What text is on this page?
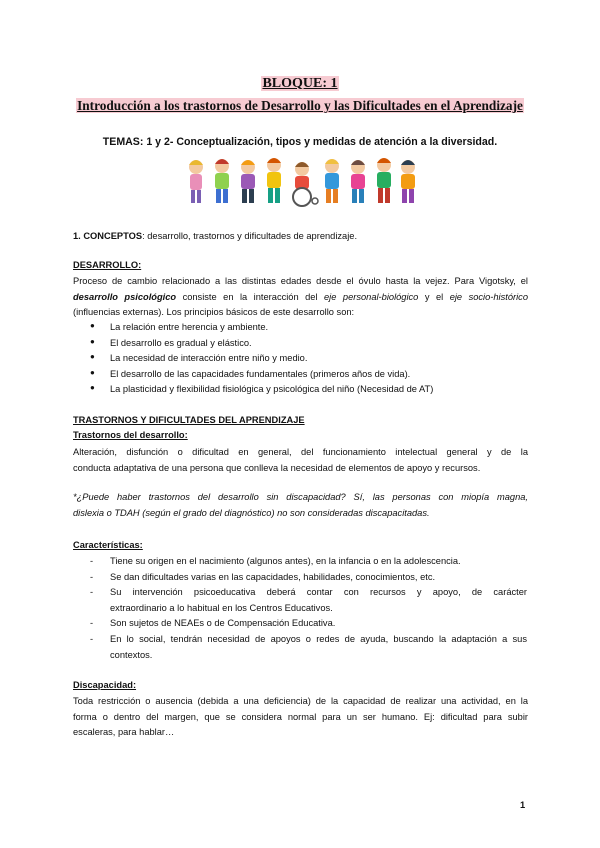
BLOQUE: 1
Introducción a los trastornos de Desarrollo y las Dificultades en el Aprendizaje
TEMAS: 1 y 2- Conceptualización, tipos y medidas de atención a la diversidad.
1. CONCEPTOS: desarrollo, trastornos y dificultades de aprendizaje.
DESARROLLO:
Proceso de cambio relacionado a las distintas edades desde el óvulo hasta la vejez. Para Vigotsky, el
desarrollo psicológico consiste en la interacción del eje personal-biológico y el eje socio-histórico
(influencias externas). Los principios básicos de este desarrollo son:
● La relación entre herencia y ambiente.
● El desarrollo es gradual y elástico.
● La necesidad de interacción entre niño y medio.
● El desarrollo de las capacidades fundamentales (primeros años de vida).
● La plasticidad y flexibilidad fisiológica y psicológica del niño (Necesidad de AT)
TRASTORNOS Y DIFICULTADES DEL APRENDIZAJE
Trastornos del desarrollo:
Alteración, disfunción o dificultad en general, del funcionamiento intelectual general y de la
conducta adaptativa de una persona que conlleva la necesidad de elementos de apoyo y recursos.
*¿Puede haber trastornos del desarrollo sin discapacidad? Sí, las personas con miopía magna,
dislexia o TDAH (según el grado del diagnóstico) no son consideradas discapacitadas.
Características:
- Tiene su origen en el nacimiento (algunos antes), en la infancia o en la adolescencia.
- Se dan dificultades varias en las capacidades, habilidades, conocimientos, etc.
- Su intervención psicoeducativa deberá contar con recursos y apoyo, de carácter
extraordinario a lo habitual en los Centros Educativos.
- Son sujetos de NEAEs o de Compensación Educativa.
- En lo social, tendrán necesidad de apoyos o redes de ayuda, buscando la adaptación a sus
contextos.
Discapacidad:
Toda restricción o ausencia (debida a una deficiencia) de la capacidad de realizar una actividad, en la
forma o dentro del margen, que se considera normal para un ser humano. Ej: dificultad para subir
escaleras, para hablar…
1
